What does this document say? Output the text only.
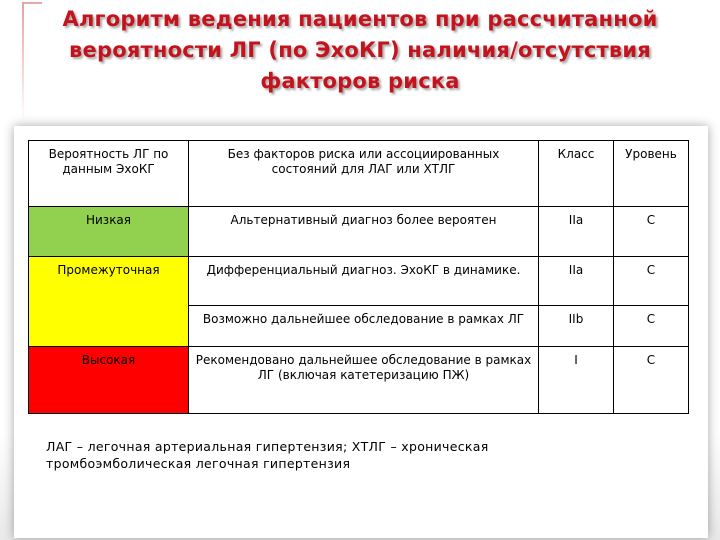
Алгоритм ведения пациентов при рассчитанной
вероятности ЛГ (по ЭхоКГ) наличия/отсутствия
факторов риска
Вероятность ЛГ по данным ЭхоКГ	Без факторов риска или ассоциированных состояний для ЛАГ или ХТЛГ	Класс	Уровень
Низкая	Альтернативный диагноз более вероятен	IIa	С
Промежуточная	Дифференциальный диагноз. ЭхоКГ в динамике.	IIa	С
	Возможно дальнейшее обследование в рамках ЛГ	IIb	С
Высокая	Рекомендовано дальнейшее обследование в рамках ЛГ (включая катетеризацию ПЖ)	I	С
ЛАГ – легочная артериальная гипертензия; ХТЛГ – хроническая
тромбоэмболическая легочная гипертензия
